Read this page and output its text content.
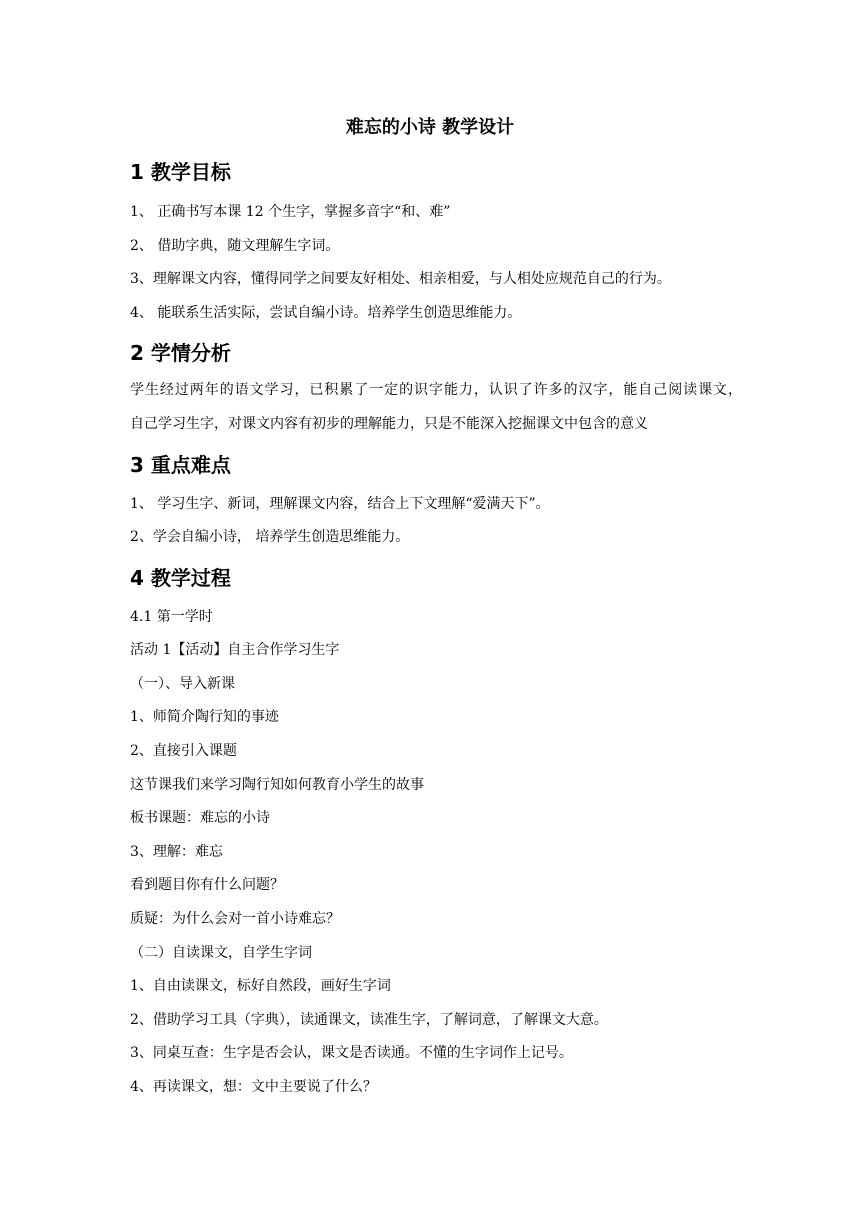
难忘的小诗 教学设计
1 教学目标
1、 正确书写本课 12 个生字，掌握多音字“和、难”
2、 借助字典，随文理解生字词。
3、理解课文内容，懂得同学之间要友好相处、相亲相爱，与人相处应规范自己的行为。
4、 能联系生活实际，尝试自编小诗。培养学生创造思维能力。
2 学情分析
学生经过两年的语文学习，已积累了一定的识字能力，认识了许多的汉字，能自己阅读课文，
自己学习生字，对课文内容有初步的理解能力，只是不能深入挖掘课文中包含的意义
3 重点难点
1、 学习生字、新词，理解课文内容，结合上下文理解“爱满天下”。
2、学会自编小诗， 培养学生创造思维能力。
4 教学过程
4.1 第一学时
活动 1【活动】自主合作学习生字
（一）、导入新课
1、师简介陶行知的事迹
2、直接引入课题
这节课我们来学习陶行知如何教育小学生的故事
板书课题：难忘的小诗
3、理解：难忘
看到题目你有什么问题？
质疑：为什么会对一首小诗难忘？
（二）自读课文，自学生字词
1、自由读课文，标好自然段，画好生字词
2、借助学习工具（字典），读通课文，读准生字，了解词意，了解课文大意。
3、同桌互查：生字是否会认，课文是否读通。不懂的生字词作上记号。
4、再读课文，想：文中主要说了什么？
